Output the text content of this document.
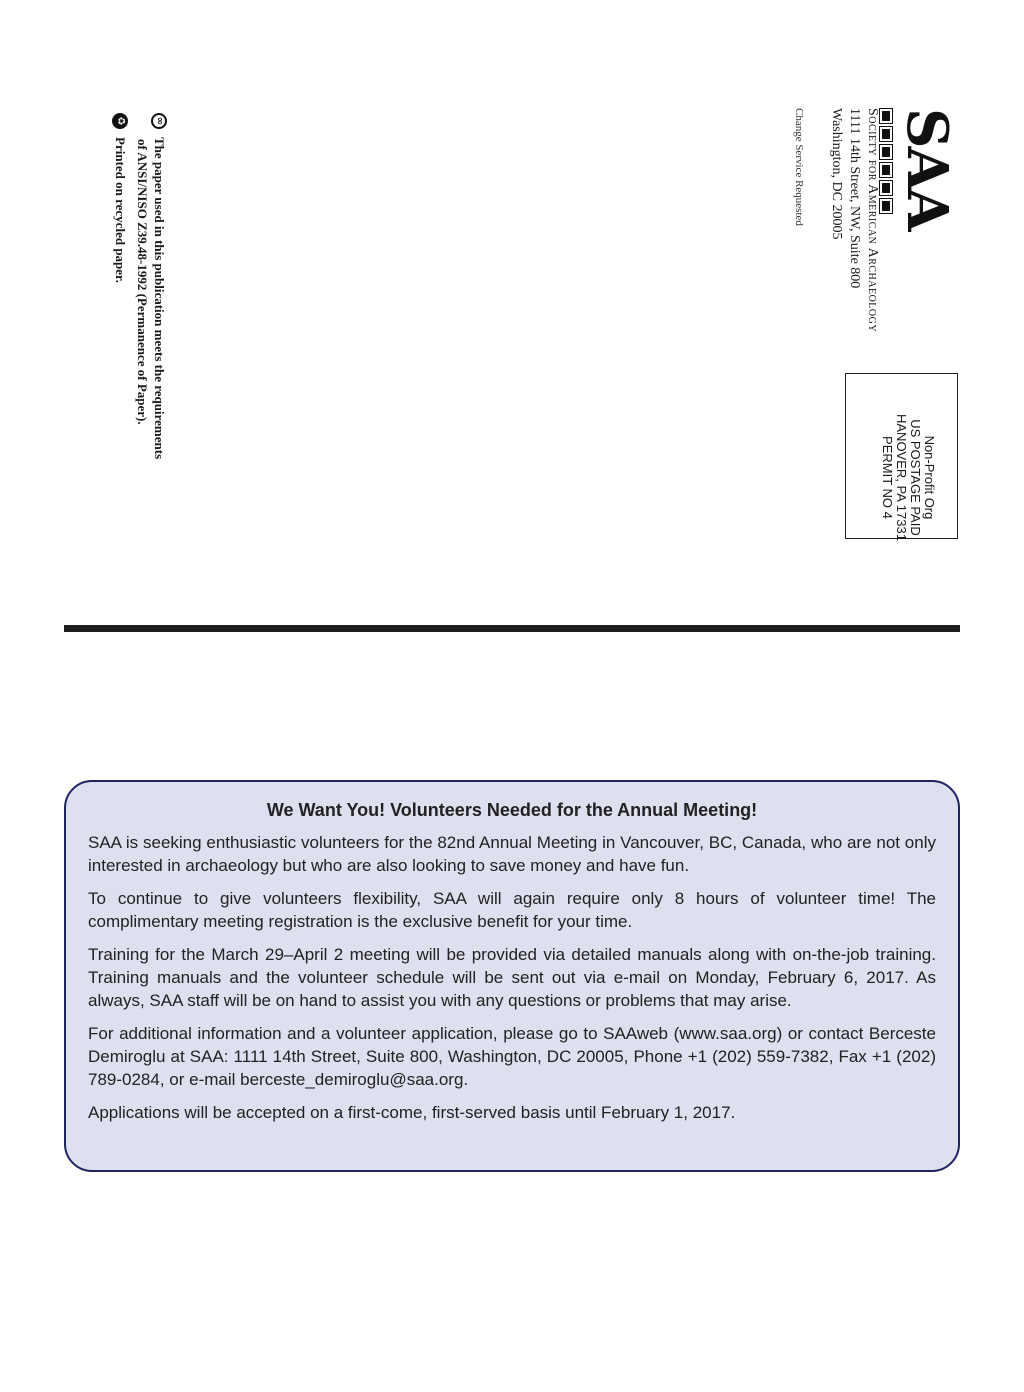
SAA
Society for American Archaeology
1111 14th Street, NW, Suite 800
Washington, DC 20005
Change Service Requested
Non-Profit Org
US POSTAGE PAID
HANOVER, PA 17331
PERMIT NO 4
∞
The paper used in this publication meets the requirements
of ANSI/NISO Z39.48-1992 (Permanence of Paper).
♻
Printed on recycled paper.
We Want You! Volunteers Needed for the Annual Meeting!

SAA is seeking enthusiastic volunteers for the 82nd Annual Meeting in Vancouver, BC, Canada, who are not only interested in archaeology but who are also looking to save money and have fun.

To continue to give volunteers flexibility, SAA will again require only 8 hours of volunteer time! The complimentary meeting registration is the exclusive benefit for your time.

Training for the March 29–April 2 meeting will be provided via detailed manuals along with on-the-job training. Training manuals and the volunteer schedule will be sent out via e-mail on Monday, February 6, 2017. As always, SAA staff will be on hand to assist you with any questions or problems that may arise.

For additional information and a volunteer application, please go to SAAweb (www.saa.org) or contact Berceste Demiroglu at SAA: 1111 14th Street, Suite 800, Washington, DC 20005, Phone +1 (202) 559-7382, Fax +1 (202) 789-0284, or e-mail berceste_demiroglu@saa.org.

Applications will be accepted on a first-come, first-served basis until February 1, 2017.
